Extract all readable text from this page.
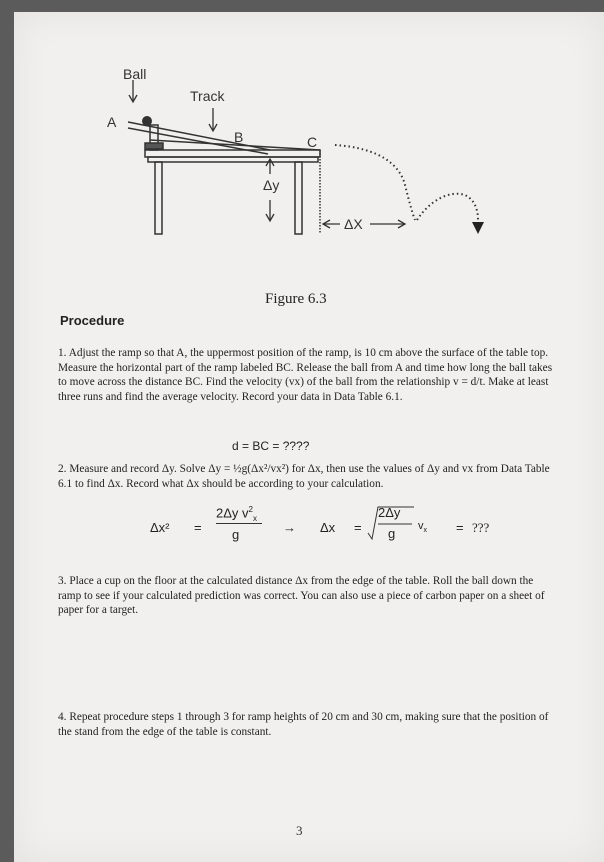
Ball
Track
A
B	C
Δy
ΔX
Figure 6.3
Procedure
1. Adjust the ramp so that A, the uppermost position of the ramp, is 10 cm above the surface of the table top. Measure the horizontal part of the ramp labeled BC. Release the ball from A and time how long the ball takes to move across the distance BC. Find the velocity (vx) of the ball from the relationship v = d/t. Make at least three runs and find the average velocity. Record your data in Data Table 6.1.
d = BC = ????
2. Measure and record Δy. Solve Δy = ½g(Δx²/vx²) for Δx, then use the values of Δy and vx from Data Table 6.1 to find Δx. Record what Δx should be according to your calculation.
Δx² =
2Δy $v^2_x$
g	→ Δx =
2Δy
g $v_x$ = ???
3. Place a cup on the floor at the calculated distance Δx from the edge of the table. Roll the ball down the ramp to see if your calculated prediction was correct. You can also use a piece of carbon paper on a sheet of paper for a target.
4. Repeat procedure steps 1 through 3 for ramp heights of 20 cm and 30 cm, making sure that the position of the stand from the edge of the table is constant.
3
